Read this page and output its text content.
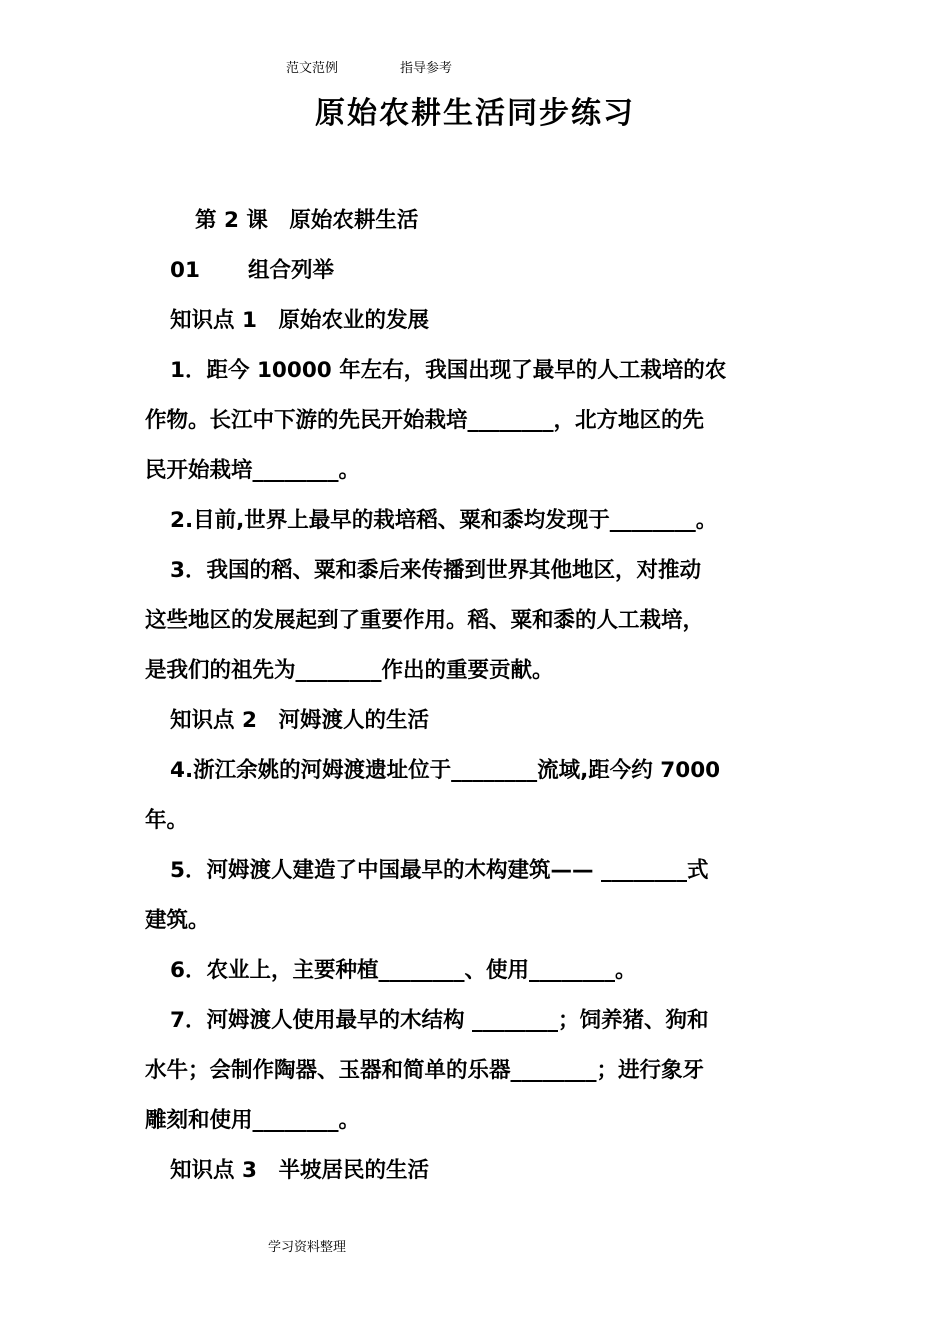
范文范例	指导参考
原始农耕生活同步练习
第 2 课　原始农耕生活
01 组合列举
知识点 1　原始农业的发展
1．距今 10000 年左右，我国出现了最早的人工栽培的农
作物。长江中下游的先民开始栽培________，北方地区的先
民开始栽培________。
2.目前,世界上最早的栽培稻、粟和黍均发现于________。
3．我国的稻、粟和黍后来传播到世界其他地区，对推动
这些地区的发展起到了重要作用。稻、粟和黍的人工栽培，
是我们的祖先为________作出的重要贡献。
知识点 2　河姆渡人的生活
4.浙江余姚的河姆渡遗址位于________流域,距今约 7000
年。
5．河姆渡人建造了中国最早的木构建筑—— ________式
建筑。
6．农业上，主要种植________、使用________。
7．河姆渡人使用最早的木结构 ________；饲养猪、狗和
水牛；会制作陶器、玉器和简单的乐器________；进行象牙
雕刻和使用________。
知识点 3　半坡居民的生活
学习资料整理
